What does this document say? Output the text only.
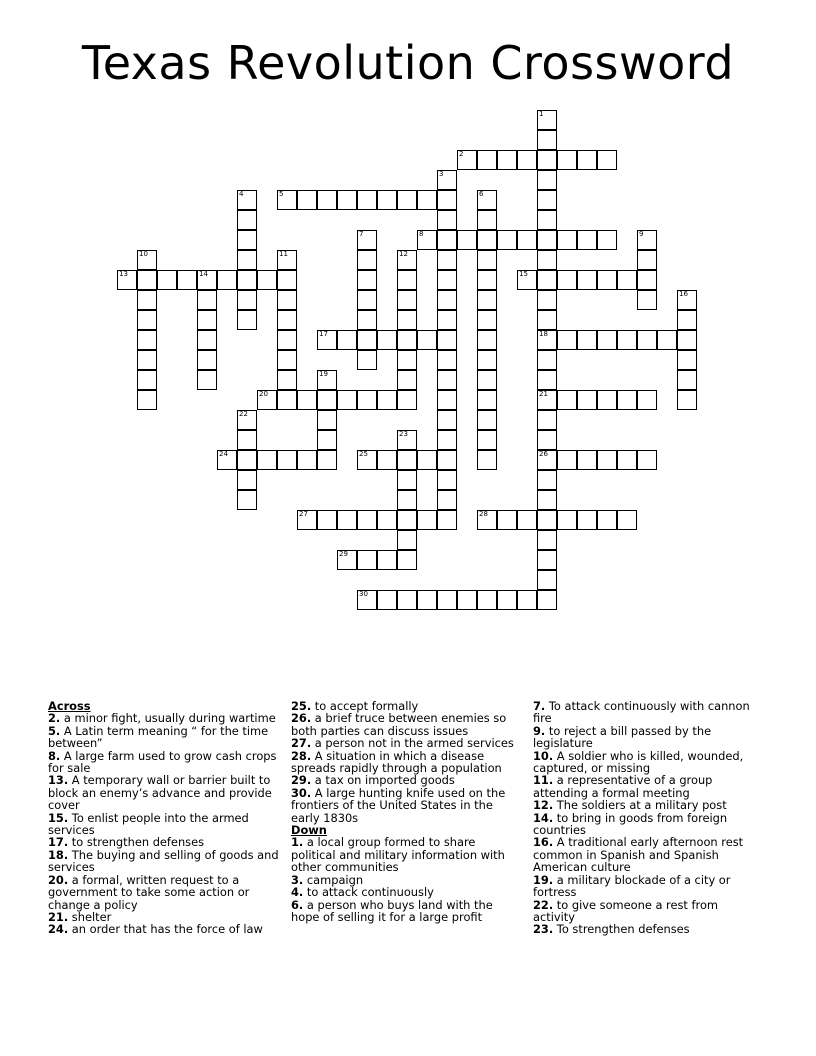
Texas Revolution Crossword
1
18
21
26
2
3
4	5	6
7	8	9
10	11	12
13	14	15
16
17
19
20
22
23
24	25
27	28
29
30
Across
2. a minor fight, usually during wartime
5. A Latin term meaning “ for the time between”
8. A large farm used to grow cash crops for sale
13. A temporary wall or barrier built to block an enemy’s advance and provide cover
15. To enlist people into the armed services
17. to strengthen defenses
18. The buying and selling of goods and services
20. a formal, written request to a government to take some action or change a policy
21. shelter
24. an order that has the force of law
25. to accept formally
26. a brief truce between enemies so both parties can discuss issues
27. a person not in the armed services
28. A situation in which a disease spreads rapidly through a population
29. a tax on imported goods
30. A large hunting knife used on the frontiers of the United States in the early 1830s
Down
1. a local group formed to share political and military information with other communities
3. campaign
4. to attack continuously
6. a person who buys land with the hope of selling it for a large profit
7. To attack continuously with cannon fire
9. to reject a bill passed by the legislature
10. A soldier who is killed, wounded, captured, or missing
11. a representative of a group attending a formal meeting
12. The soldiers at a military post
14. to bring in goods from foreign countries
16. A traditional early afternoon rest common in Spanish and Spanish American culture
19. a military blockade of a city or fortress
22. to give someone a rest from activity
23. To strengthen defenses
